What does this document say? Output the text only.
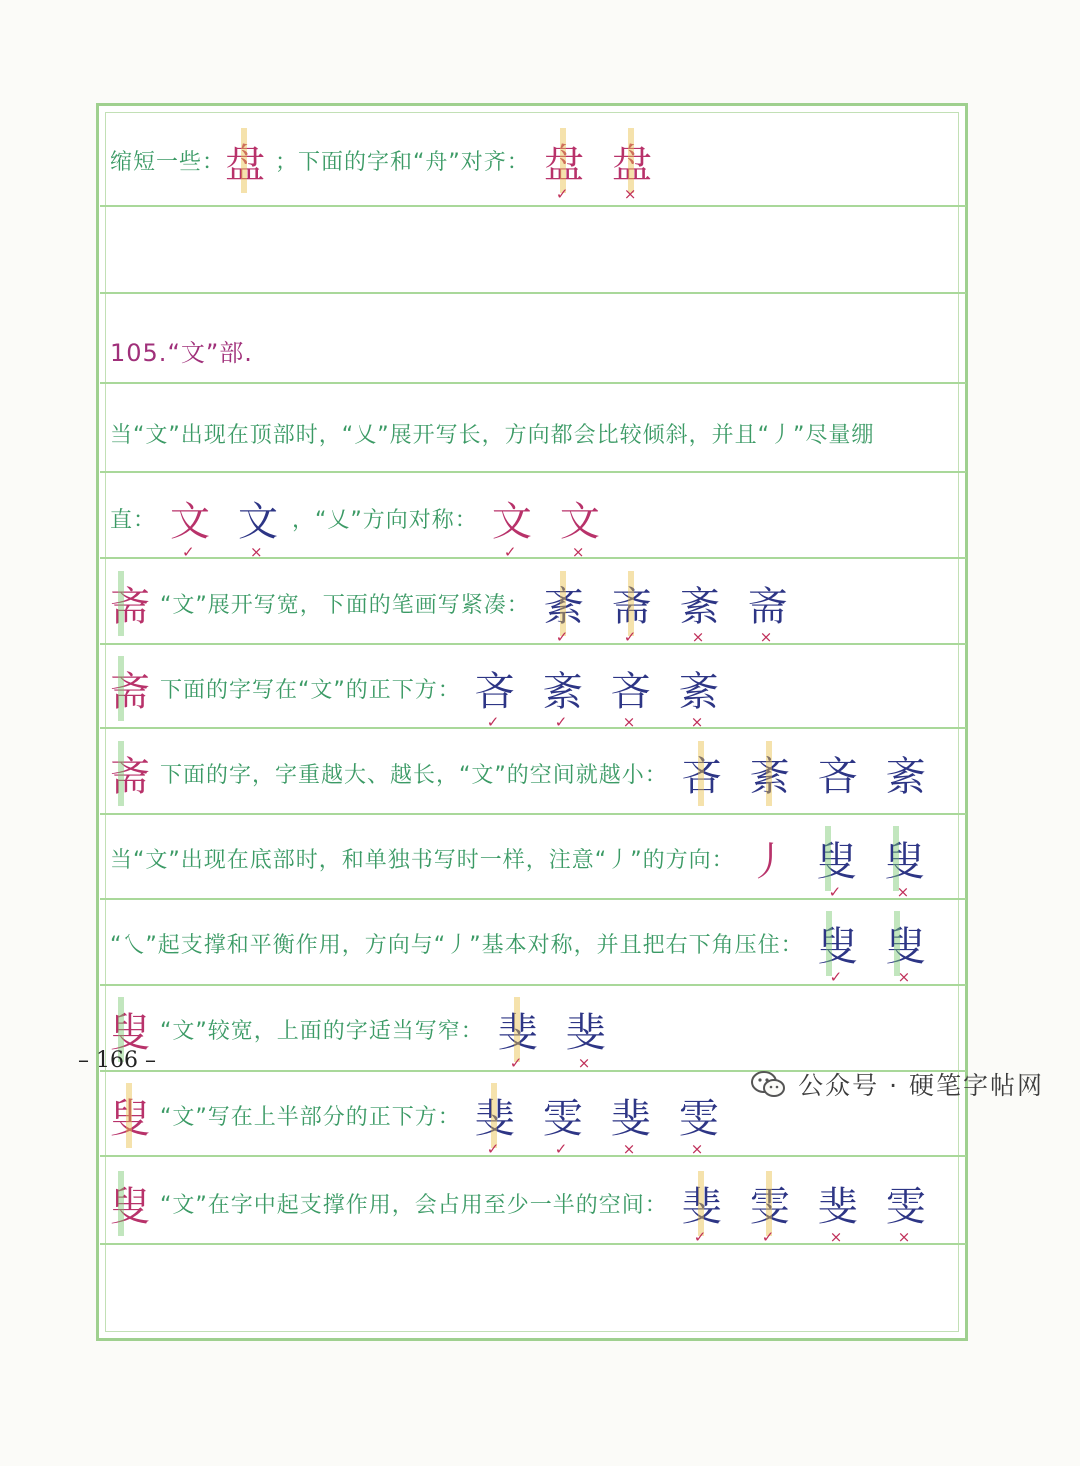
缩短一些： 盘 ；下面的字和“舟”对齐： 盘
✓
盘
×
105.“文”部.
当“文”出现在顶部时，“乂”展开写长，方向都会比较倾斜，并且“丿”尽量绷
直： 文
✓
文
×
，“乂”方向对称： 文
✓
文
×
斋 “文”展开写宽，下面的笔画写紧凑： 紊
✓
斋
✓
紊
×
斋
×
斋 下面的字写在“文”的正下方： 吝
✓
紊
✓
吝
×
紊
×
斋 下面的字，字重越大、越长，“文”的空间就越小： 吝 紊 吝 紊
当“文”出现在底部时，和单独书写时一样，注意“丿”的方向： 丿 叟
✓
叟
×
“乀”起支撑和平衡作用，方向与“丿”基本对称，并且把右下角压住： 叟
✓
叟
×
叟 “文”较宽，上面的字适当写窄： 斐
✓
斐
×
叟 “文”写在上半部分的正下方： 斐
✓
雯
✓
斐
×
雯
×
叟 “文”在字中起支撑作用，会占用至少一半的空间： 斐
✓
雯
✓
斐
×
雯
×
– 166 –
公众号 · 硬笔字帖网
